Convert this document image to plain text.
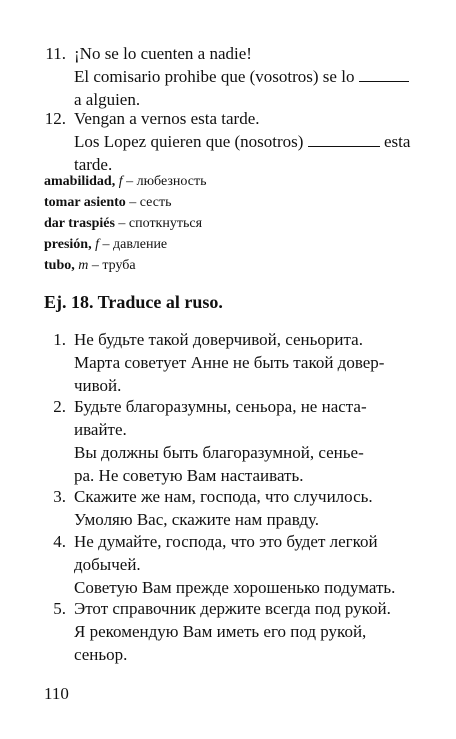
11. ¡No se lo cuenten a nadie!
El comisario prohibe que (vosotros) se lo
a alguien.
12. Vengan a vernos esta tarde.
Los Lopez quieren que (nosotros)	esta
tarde.
amabilidad, f – любезность
tomar asiento – сесть
dar traspiés – споткнуться
presión, f – давление
tubo, m – труба
Ej. 18. Traduce al ruso.
1. Не будьте такой доверчивой, сеньорита.
Марта советует Анне не быть такой довер-
чивой.
2. Будьте благоразумны, сеньора, не наста-
ивайте.
Вы должны быть благоразумной, сенье-
ра. Не советую Вам настаивать.
3. Скажите же нам, господа, что случилось.
Умоляю Вас, скажите нам правду.
4. Не думайте, господа, что это будет легкой
добычей.
Советую Вам прежде хорошенько подумать.
5. Этот справочник держите всегда под рукой.
Я рекомендую Вам иметь его под рукой,
сеньор.
110
